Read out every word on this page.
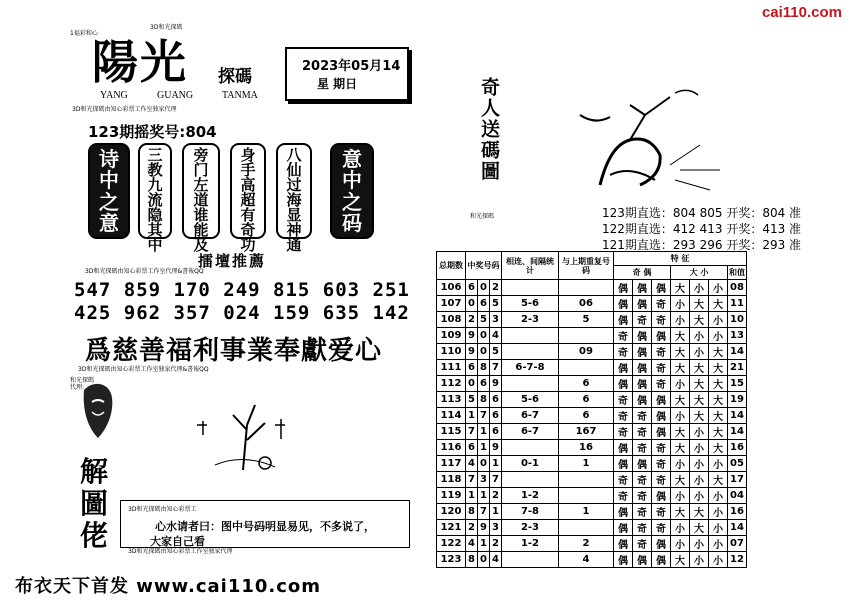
cai110.com
1福彩和心
3D和光探碼
陽光 探碼
YANG	GUANG	TANMA
2023年05月14
星 期日
3D和光探碼由知心彩票工作室独家代理
123期摇奖号:804
诗
中
之
意
三
教
九
流
隐
其
中
旁
门
左
道
谁
能
及
身
手
高
超
有
奇
功
八
仙
过
海
显
神
通
意
中
之
码
擂壇推薦
3D和光探碼由知心彩票工作室代理&書報QQ
547 859 170 249 815 603 251
425 962 357 024 159 635 142
爲慈善福利事業奉獻爱心
3D和光探碼由知心彩票工作室独家代理&書報QQ
和光探碼代理:
解
圖
佬
3D和光探碼由知心彩票工
心水请者曰：图中号码明显易见，不多说了，
大家自己看
3D和光探碼由知心彩票工作室独家代理
布衣天下首发 www.cai110.com
奇人送碼圖
和光探碼	123期直选：804 805 开奖：804 准
122期直选：412 413 开奖：413 准
121期直选：293 296 开奖：293 准
总期数	中奖号码			相连、间隔统 计	与上期重复号 码	特 征						
						奇 偶			大 小			和值
106	6	0	2			偶	偶	偶	大	小	小	08
107	0	6	5	5-6	06	偶	偶	奇	小	大	大	11
108	2	5	3	2-3	5	偶	奇	奇	小	大	小	10
109	9	0	4			奇	偶	偶	大	小	小	13
110	9	0	5		09	奇	偶	奇	大	小	大	14
111	6	8	7	6-7-8		偶	偶	奇	大	大	大	21
112	0	6	9		6	偶	偶	奇	小	大	大	15
113	5	8	6	5-6	6	奇	偶	偶	大	大	大	19
114	1	7	6	6-7	6	奇	奇	偶	小	大	大	14
115	7	1	6	6-7	167	奇	奇	偶	大	小	大	14
116	6	1	9		16	偶	奇	奇	大	小	大	16
117	4	0	1	0-1	1	偶	偶	奇	小	小	小	05
118	7	3	7			奇	奇	奇	大	小	大	17
119	1	1	2	1-2		奇	奇	偶	小	小	小	04
120	8	7	1	7-8	1	偶	奇	奇	大	大	小	16
121	2	9	3	2-3		偶	奇	奇	小	大	小	14
122	4	1	2	1-2	2	偶	奇	偶	小	小	小	07
123	8	0	4		4	偶	偶	偶	大	小	小	12
